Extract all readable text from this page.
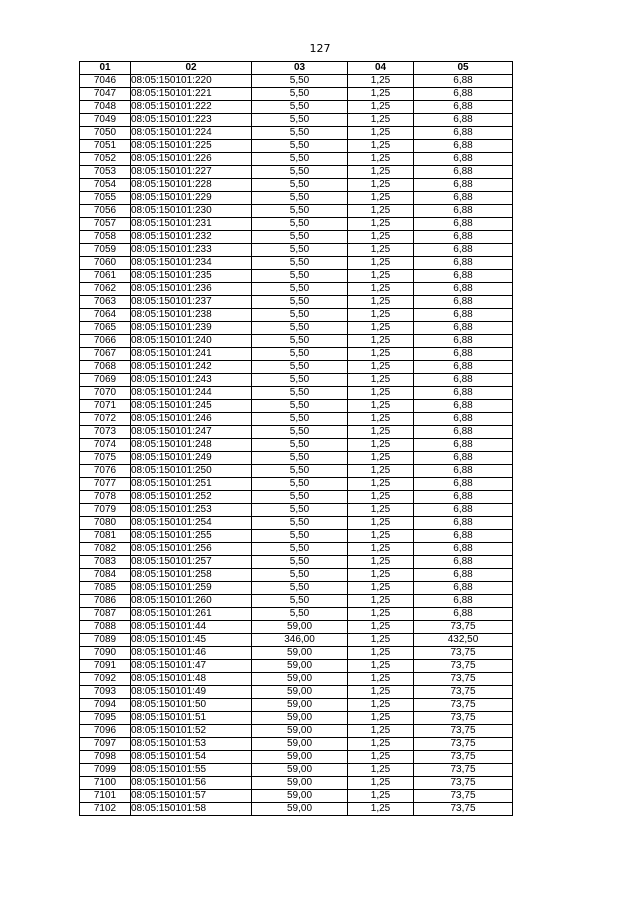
127
01	02	03	04	05
7046	08:05:150101:220	5,50	1,25	6,88
7047	08:05:150101:221	5,50	1,25	6,88
7048	08:05:150101:222	5,50	1,25	6,88
7049	08:05:150101:223	5,50	1,25	6,88
7050	08:05:150101:224	5,50	1,25	6,88
7051	08:05:150101:225	5,50	1,25	6,88
7052	08:05:150101:226	5,50	1,25	6,88
7053	08:05:150101:227	5,50	1,25	6,88
7054	08:05:150101:228	5,50	1,25	6,88
7055	08:05:150101:229	5,50	1,25	6,88
7056	08:05:150101:230	5,50	1,25	6,88
7057	08:05:150101:231	5,50	1,25	6,88
7058	08:05:150101:232	5,50	1,25	6,88
7059	08:05:150101:233	5,50	1,25	6,88
7060	08:05:150101:234	5,50	1,25	6,88
7061	08:05:150101:235	5,50	1,25	6,88
7062	08:05:150101:236	5,50	1,25	6,88
7063	08:05:150101:237	5,50	1,25	6,88
7064	08:05:150101:238	5,50	1,25	6,88
7065	08:05:150101:239	5,50	1,25	6,88
7066	08:05:150101:240	5,50	1,25	6,88
7067	08:05:150101:241	5,50	1,25	6,88
7068	08:05:150101:242	5,50	1,25	6,88
7069	08:05:150101:243	5,50	1,25	6,88
7070	08:05:150101:244	5,50	1,25	6,88
7071	08:05:150101:245	5,50	1,25	6,88
7072	08:05:150101:246	5,50	1,25	6,88
7073	08:05:150101:247	5,50	1,25	6,88
7074	08:05:150101:248	5,50	1,25	6,88
7075	08:05:150101:249	5,50	1,25	6,88
7076	08:05:150101:250	5,50	1,25	6,88
7077	08:05:150101:251	5,50	1,25	6,88
7078	08:05:150101:252	5,50	1,25	6,88
7079	08:05:150101:253	5,50	1,25	6,88
7080	08:05:150101:254	5,50	1,25	6,88
7081	08:05:150101:255	5,50	1,25	6,88
7082	08:05:150101:256	5,50	1,25	6,88
7083	08:05:150101:257	5,50	1,25	6,88
7084	08:05:150101:258	5,50	1,25	6,88
7085	08:05:150101:259	5,50	1,25	6,88
7086	08:05:150101:260	5,50	1,25	6,88
7087	08:05:150101:261	5,50	1,25	6,88
7088	08:05:150101:44	59,00	1,25	73,75
7089	08:05:150101:45	346,00	1,25	432,50
7090	08:05:150101:46	59,00	1,25	73,75
7091	08:05:150101:47	59,00	1,25	73,75
7092	08:05:150101:48	59,00	1,25	73,75
7093	08:05:150101:49	59,00	1,25	73,75
7094	08:05:150101:50	59,00	1,25	73,75
7095	08:05:150101:51	59,00	1,25	73,75
7096	08:05:150101:52	59,00	1,25	73,75
7097	08:05:150101:53	59,00	1,25	73,75
7098	08:05:150101:54	59,00	1,25	73,75
7099	08:05:150101:55	59,00	1,25	73,75
7100	08:05:150101:56	59,00	1,25	73,75
7101	08:05:150101:57	59,00	1,25	73,75
7102	08:05:150101:58	59,00	1,25	73,75
